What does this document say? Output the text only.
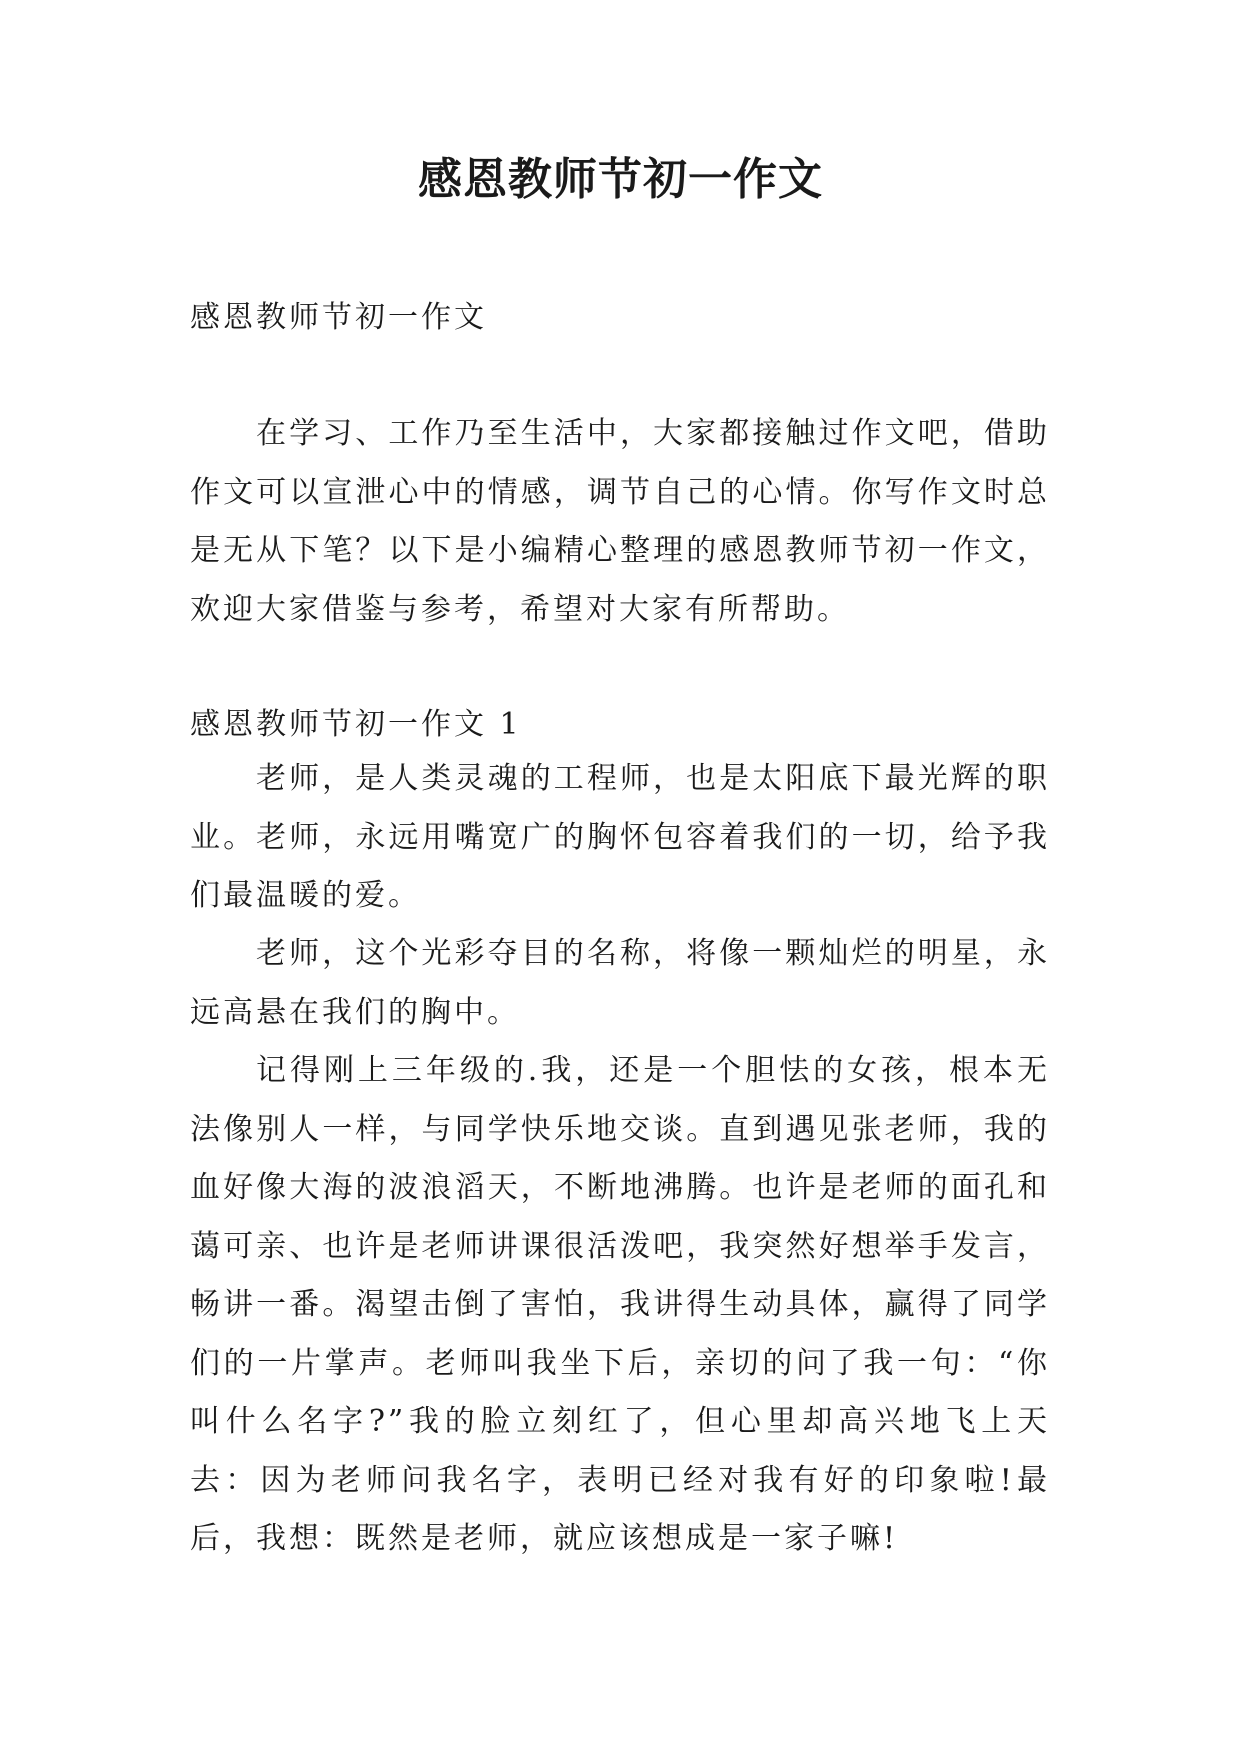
感恩教师节初一作文

感恩教师节初一作文

在学习、工作乃至生活中，大家都接触过作文吧，借助作文可以宣泄心中的情感，调节自己的心情。你写作文时总是无从下笔？以下是小编精心整理的感恩教师节初一作文，欢迎大家借鉴与参考，希望对大家有所帮助。

感恩教师节初一作文 1

老师，是人类灵魂的工程师，也是太阳底下最光辉的职业。老师，永远用嘴宽广的胸怀包容着我们的一切，给予我们最温暖的爱。

老师，这个光彩夺目的名称，将像一颗灿烂的明星，永远高悬在我们的胸中。

记得刚上三年级的.我，还是一个胆怯的女孩，根本无法像别人一样，与同学快乐地交谈。直到遇见张老师，我的血好像大海的波浪滔天，不断地沸腾。也许是老师的面孔和蔼可亲、也许是老师讲课很活泼吧，我突然好想举手发言，畅讲一番。渴望击倒了害怕，我讲得生动具体，赢得了同学们的一片掌声。老师叫我坐下后，亲切的问了我一句：“你叫什么名字?”我的脸立刻红了，但心里却高兴地飞上天去：因为老师问我名字，表明已经对我有好的印象啦!最后，我想：既然是老师，就应该想成是一家子嘛!
